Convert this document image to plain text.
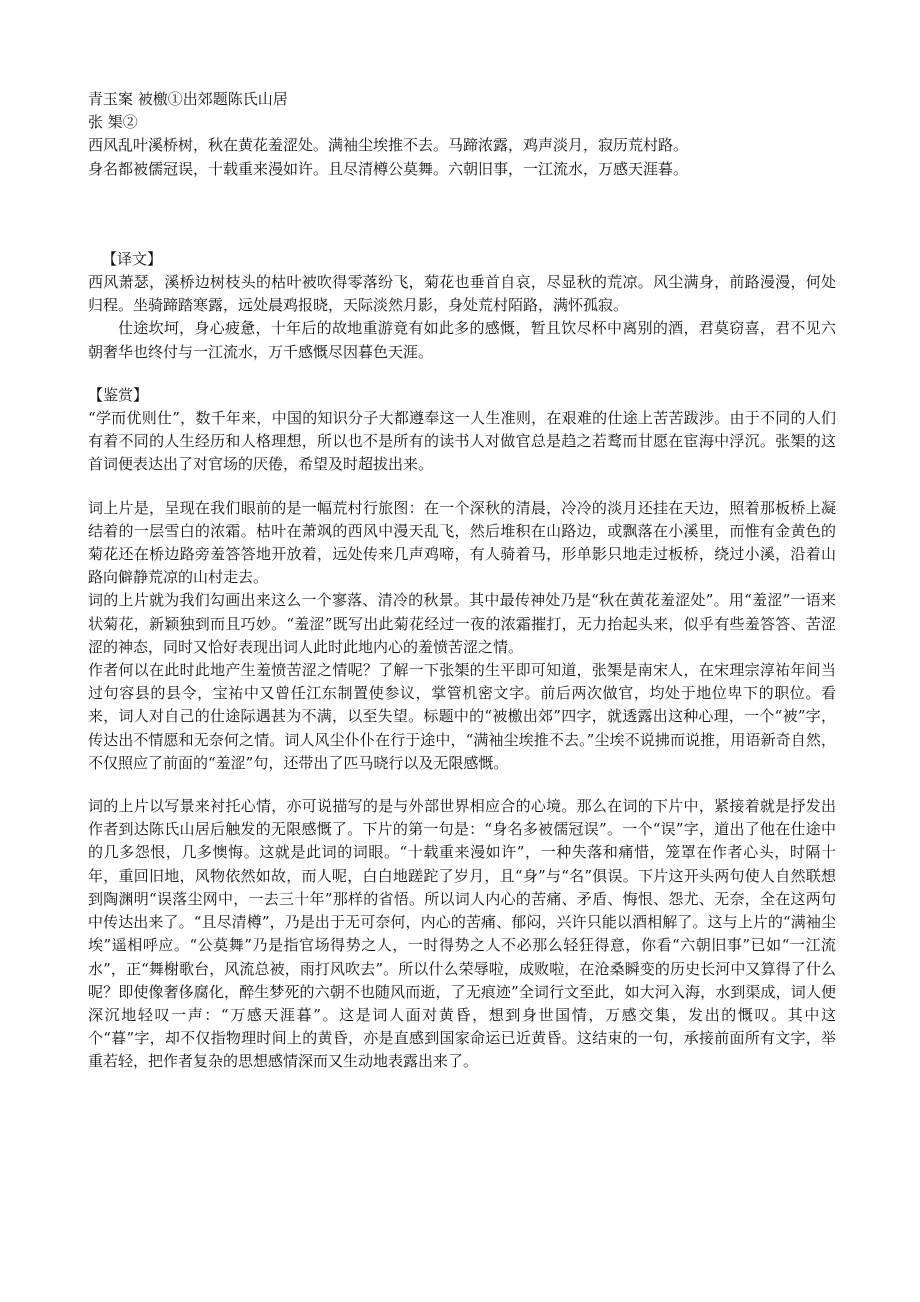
青玉案 被檄①出郊题陈氏山居
张 榘②
西风乱叶溪桥树，秋在黄花羞涩处。满袖尘埃推不去。马蹄浓露，鸡声淡月，寂历荒村路。
身名都被儒冠误，十载重来漫如许。且尽清樽公莫舞。六朝旧事，一江流水，万感天涯暮。
【译文】
西风萧瑟，溪桥边树枝头的枯叶被吹得零落纷飞，菊花也垂首自哀，尽显秋的荒凉。风尘满身，前路漫漫，何处归程。坐骑蹄踏寒露，远处晨鸡报晓，天际淡然月影，身处荒村陌路，满怀孤寂。
仕途坎坷，身心疲惫，十年后的故地重游竟有如此多的感慨，暂且饮尽杯中离别的酒，君莫窃喜，君不见六朝奢华也终付与一江流水，万千感慨尽因暮色天涯。
【鉴赏】
“学而优则仕”，数千年来，中国的知识分子大都遵奉这一人生准则，在艰难的仕途上苦苦跋涉。由于不同的人们有着不同的人生经历和人格理想，所以也不是所有的读书人对做官总是趋之若鹜而甘愿在宦海中浮沉。张榘的这首词便表达出了对官场的厌倦，希望及时超拔出来。
词上片是，呈现在我们眼前的是一幅荒村行旅图：在一个深秋的清晨，冷冷的淡月还挂在天边，照着那板桥上凝结着的一层雪白的浓霜。枯叶在萧飒的西风中漫天乱飞，然后堆积在山路边，或飘落在小溪里，而惟有金黄色的菊花还在桥边路旁羞答答地开放着，远处传来几声鸡啼，有人骑着马，形单影只地走过板桥，绕过小溪，沿着山路向僻静荒凉的山村走去。
词的上片就为我们勾画出来这么一个寥落、清冷的秋景。其中最传神处乃是“秋在黄花羞涩处”。用“羞涩”一语来状菊花，新颖独到而且巧妙。“羞涩”既写出此菊花经过一夜的浓霜摧打，无力抬起头来，似乎有些羞答答、苦涩涩的神态，同时又恰好表现出词人此时此地内心的羞愤苦涩之情。
作者何以在此时此地产生羞愤苦涩之情呢？了解一下张榘的生平即可知道，张榘是南宋人，在宋理宗淳祐年间当过句容县的县令，宝祐中又曾任江东制置使参议，掌管机密文字。前后两次做官，均处于地位卑下的职位。看来，词人对自己的仕途际遇甚为不满，以至失望。标题中的“被檄出郊”四字，就透露出这种心理，一个“被”字，传达出不情愿和无奈何之情。词人风尘仆仆在行于途中，“满袖尘埃推不去。”尘埃不说拂而说推，用语新奇自然，不仅照应了前面的“羞涩”句，还带出了匹马晓行以及无限感慨。
词的上片以写景来衬托心情，亦可说描写的是与外部世界相应合的心境。那么在词的下片中，紧接着就是抒发出作者到达陈氏山居后触发的无限感慨了。下片的第一句是：“身名多被儒冠误”。一个“误”字，道出了他在仕途中的几多怨恨，几多懊悔。这就是此词的词眼。“十载重来漫如许”，一种失落和痛惜，笼罩在作者心头，时隔十年，重回旧地，风物依然如故，而人呢，白白地蹉跎了岁月，且“身”与“名”俱误。下片这开头两句使人自然联想到陶渊明“误落尘网中，一去三十年”那样的省悟。所以词人内心的苦痛、矛盾、悔恨、怨尤、无奈，全在这两句中传达出来了。“且尽清樽”，乃是出于无可奈何，内心的苦痛、郁闷，兴许只能以酒相解了。这与上片的“满袖尘埃”遥相呼应。“公莫舞”乃是指官场得势之人，一时得势之人不必那么轻狂得意，你看“六朝旧事”已如“一江流水”，正“舞榭歌台，风流总被，雨打风吹去”。所以什么荣辱啦，成败啦，在沧桑瞬变的历史长河中又算得了什么呢？即使像奢侈腐化，醉生梦死的六朝不也随风而逝，了无痕迹”全词行文至此，如大河入海，水到渠成，词人便深沉地轻叹一声：“万感天涯暮”。这是词人面对黄昏，想到身世国情，万感交集，发出的慨叹。其中这个“暮”字，却不仅指物理时间上的黄昏，亦是直感到国家命运已近黄昏。这结束的一句，承接前面所有文字，举重若轻，把作者复杂的思想感情深而又生动地表露出来了。
